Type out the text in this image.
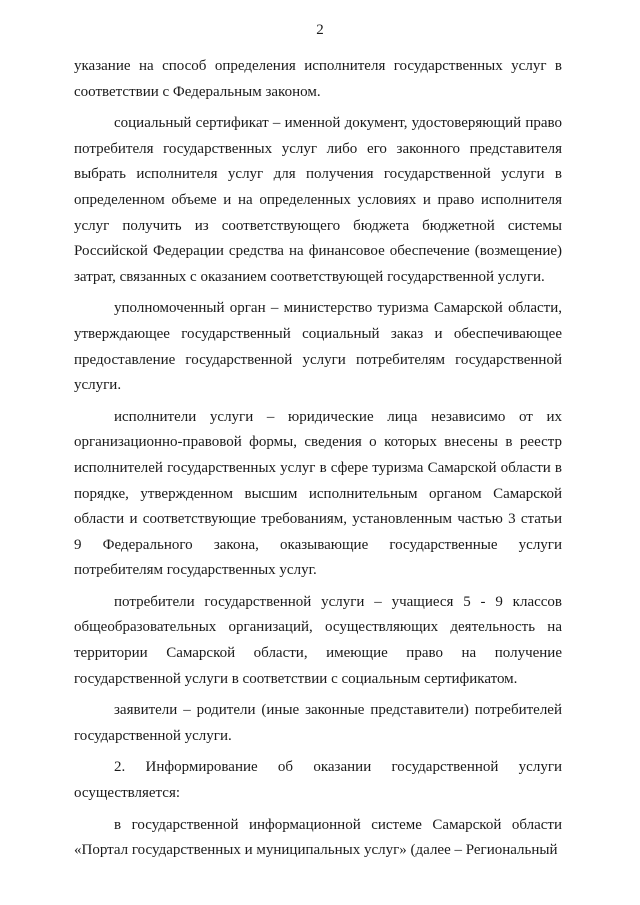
2

указание на способ определения исполнителя государственных услуг в соответствии с Федеральным законом.

социальный сертификат – именной документ, удостоверяющий право потребителя государственных услуг либо его законного представителя выбрать исполнителя услуг для получения государственной услуги в определенном объеме и на определенных условиях и право исполнителя услуг получить из соответствующего бюджета бюджетной системы Российской Федерации средства на финансовое обеспечение (возмещение) затрат, связанных с оказанием соответствующей государственной услуги.

уполномоченный орган – министерство туризма Самарской области, утверждающее государственный социальный заказ и обеспечивающее предоставление государственной услуги потребителям государственной услуги.

исполнители услуги – юридические лица независимо от их организационно-правовой формы, сведения о которых внесены в реестр исполнителей государственных услуг в сфере туризма Самарской области в порядке, утвержденном высшим исполнительным органом Самарской области и соответствующие требованиям, установленным частью 3 статьи 9 Федерального закона, оказывающие государственные услуги потребителям государственных услуг.

потребители государственной услуги – учащиеся 5 - 9 классов общеобразовательных организаций, осуществляющих деятельность на территории Самарской области, имеющие право на получение государственной услуги в соответствии с социальным сертификатом.

заявители – родители (иные законные представители) потребителей государственной услуги.

2. Информирование об оказании государственной услуги осуществляется:

в государственной информационной системе Самарской области «Портал государственных и муниципальных услуг» (далее – Региональный
